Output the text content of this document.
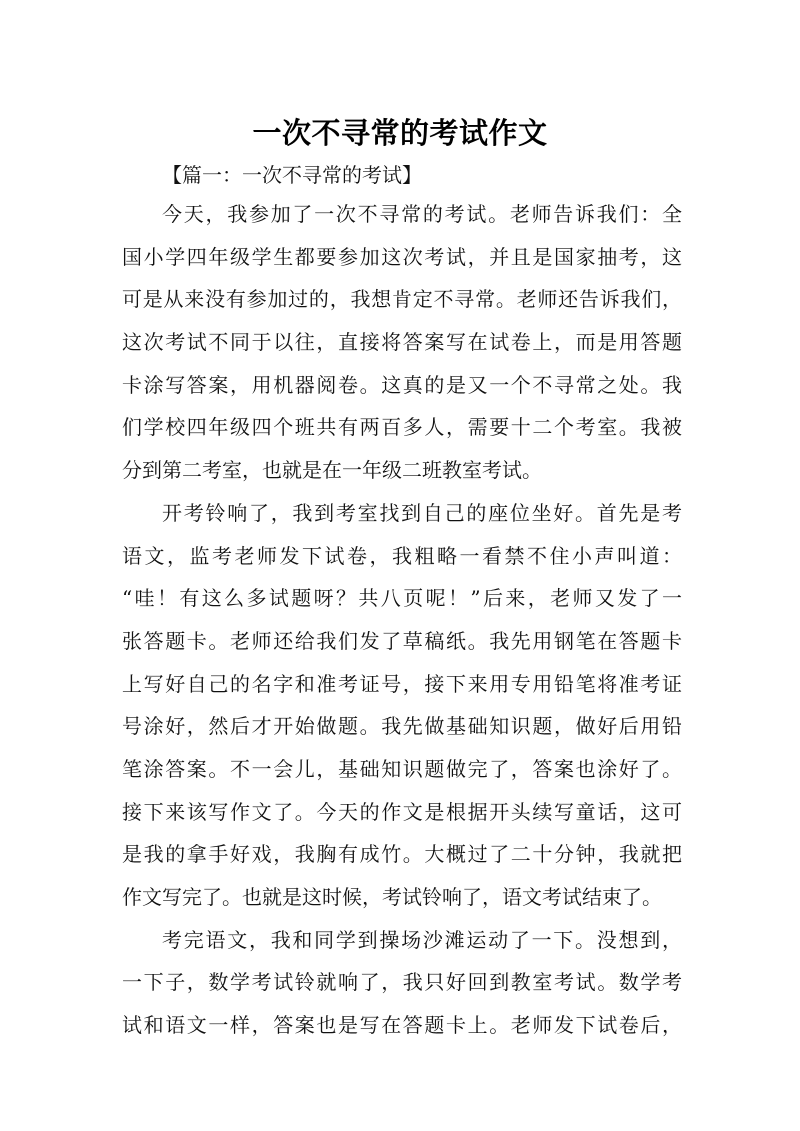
一次不寻常的考试作文

【篇一：一次不寻常的考试】

今天，我参加了一次不寻常的考试。老师告诉我们：全
国小学四年级学生都要参加这次考试，并且是国家抽考，这
可是从来没有参加过的，我想肯定不寻常。老师还告诉我们，
这次考试不同于以往，直接将答案写在试卷上，而是用答题
卡涂写答案，用机器阅卷。这真的是又一个不寻常之处。我
们学校四年级四个班共有两百多人，需要十二个考室。我被
分到第二考室，也就是在一年级二班教室考试。

开考铃响了，我到考室找到自己的座位坐好。首先是考
语文，监考老师发下试卷，我粗略一看禁不住小声叫道：
“哇！有这么多试题呀？共八页呢！”后来，老师又发了一
张答题卡。老师还给我们发了草稿纸。我先用钢笔在答题卡
上写好自己的名字和准考证号，接下来用专用铅笔将准考证
号涂好，然后才开始做题。我先做基础知识题，做好后用铅
笔涂答案。不一会儿，基础知识题做完了，答案也涂好了。
接下来该写作文了。今天的作文是根据开头续写童话，这可
是我的拿手好戏，我胸有成竹。大概过了二十分钟，我就把
作文写完了。也就是这时候，考试铃响了，语文考试结束了。

考完语文，我和同学到操场沙滩运动了一下。没想到，
一下子，数学考试铃就响了，我只好回到教室考试。数学考
试和语文一样，答案也是写在答题卡上。老师发下试卷后，
